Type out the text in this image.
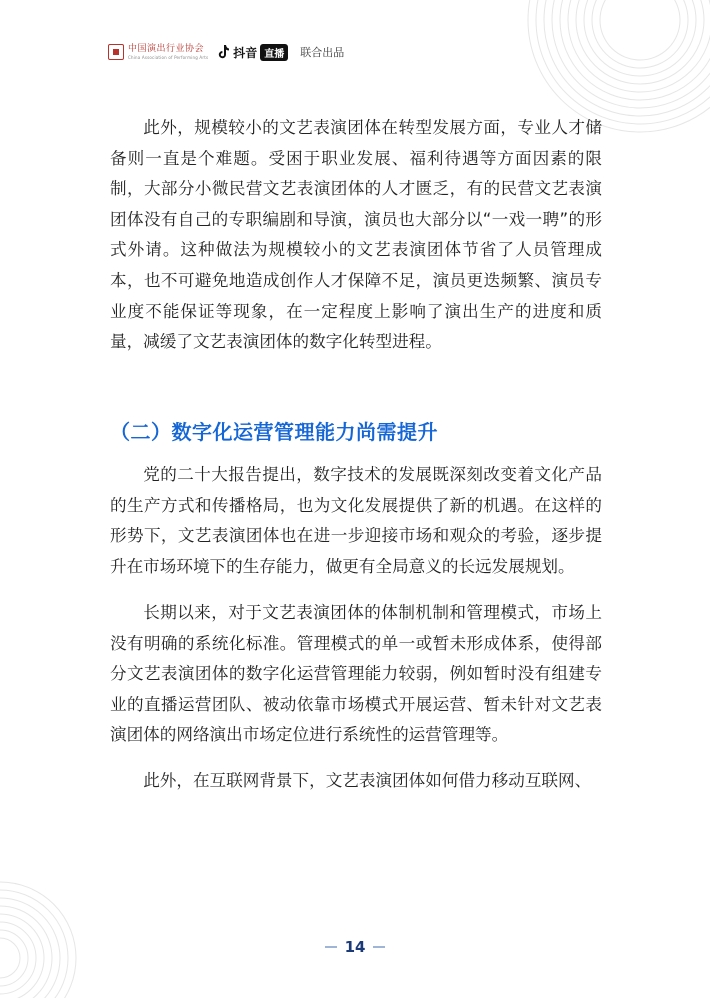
中国演出行业协会
China Association of Performing Arts 抖音 直播	联合出品

此外，规模较小的文艺表演团体在转型发展方面，专业人才储备则一直是个难题。受困于职业发展、福利待遇等方面因素的限制，大部分小微民营文艺表演团体的人才匮乏，有的民营文艺表演团体没有自己的专职编剧和导演，演员也大部分以“一戏一聘”的形式外请。这种做法为规模较小的文艺表演团体节省了人员管理成本，也不可避免地造成创作人才保障不足，演员更迭频繁、演员专业度不能保证等现象，在一定程度上影响了演出生产的进度和质量，减缓了文艺表演团体的数字化转型进程。

（二）数字化运营管理能力尚需提升

党的二十大报告提出，数字技术的发展既深刻改变着文化产品的生产方式和传播格局，也为文化发展提供了新的机遇。在这样的形势下，文艺表演团体也在进一步迎接市场和观众的考验，逐步提升在市场环境下的生存能力，做更有全局意义的长远发展规划。

长期以来，对于文艺表演团体的体制机制和管理模式，市场上没有明确的系统化标准。管理模式的单一或暂未形成体系，使得部分文艺表演团体的数字化运营管理能力较弱，例如暂时没有组建专业的直播运营团队、被动依靠市场模式开展运营、暂未针对文艺表演团体的网络演出市场定位进行系统性的运营管理等。

此外，在互联网背景下，文艺表演团体如何借力移动互联网、

14
